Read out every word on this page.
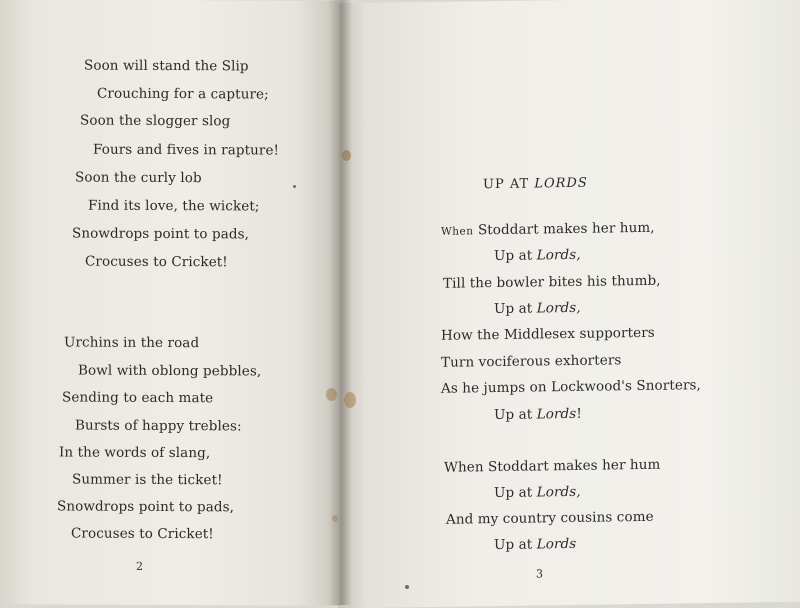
Soon will stand the Slip
Crouching for a capture;
Soon the slogger slog
Fours and fives in rapture!
Soon the curly lob
Find its love, the wicket;
Snowdrops point to pads,
Crocuses to Cricket!
Urchins in the road
Bowl with oblong pebbles,
Sending to each mate
Bursts of happy trebles:
In the words of slang,
Summer is the ticket!
Snowdrops point to pads,
Crocuses to Cricket!
2
UP AT LORDS
When Stoddart makes her hum,
Up at Lords,
Till the bowler bites his thumb,
Up at Lords,
How the Middlesex supporters
Turn vociferous exhorters
As he jumps on Lockwood's Snorters,
Up at Lords!
When Stoddart makes her hum
Up at Lords,
And my country cousins come
Up at Lords
3
